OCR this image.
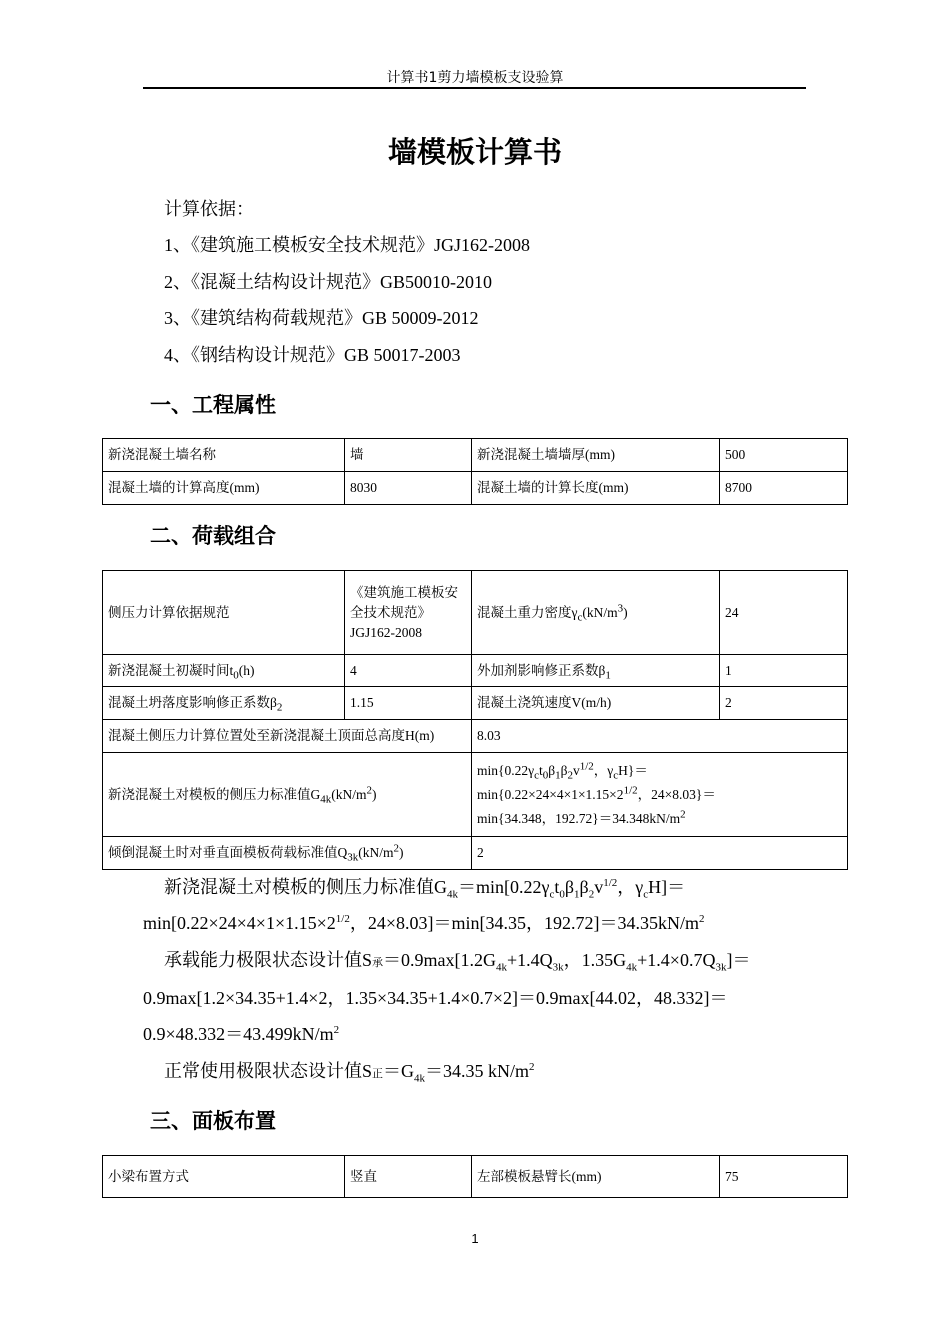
计算书1剪力墙模板支设验算
墙模板计算书
计算依据：
1、《建筑施工模板安全技术规范》JGJ162-2008
2、《混凝土结构设计规范》GB50010-2010
3、《建筑结构荷载规范》GB 50009-2012
4、《钢结构设计规范》GB 50017-2003
一、工程属性
新浇混凝土墙名称	墙	新浇混凝土墙墙厚(mm)	500
混凝土墙的计算高度(mm)	8030	混凝土墙的计算长度(mm)	8700
二、荷载组合
侧压力计算依据规范	《建筑施工模板安全技术规范》JGJ162-2008	混凝土重力密度$\gamma_c(kN/m^3)$	24
新浇混凝土初凝时间$t_0(h)$	4	外加剂影响修正系数$\beta_1$	1
混凝土坍落度影响修正系数$\beta_2$	1.15	混凝土浇筑速度V(m/h)	2
混凝土侧压力计算位置处至新浇混凝土顶面总高度H(m)		8.03	
新浇混凝土对模板的侧压力标准值$G_{4k}(kN/m^2)$		$\min\{0.22\gamma_ct_0\beta_1\beta_2v^{1/2}$，$\gamma_cH\}=$
$\min\{0.22\times 24\times 4\times 1\times 1.15\times 2^{1/2}$，24×8.03}＝
min{34.348，$192.72\}=34.348kN/m^2$
倾倒混凝土时对垂直面模板荷载标准值$Q_{3k}(kN/m^2)$		2	
新浇混凝土对模板的侧压力标准值$G_{4k}=\min[0.22\gamma_ct_0\beta_1\beta_2v^{1/2}$，$\gamma_cH]=$
$\min[0.22\times 24\times 4\times 1\times 1.15\times 2^{1/2}$，24×8.03]＝min[34.35，$192.72]=34.35kN/m^2$
承载能力极限状态设计值S承$=0.9\max[1.2G_{4k}+1.4Q_{3k}$，$1.35G_{4k}+1.4\times 0.7Q_{3k}]=$
0.9max[1.2×34.35+1.4×2，1.35×34.35+1.4×0.7×2]＝0.9max[44.02，48.332]＝
$0.9\times 48.332=43.499kN/m^2$
正常使用极限状态设计值S正$=G_{4k}=34.35$ $kN/m^2$
三、面板布置
小梁布置方式	竖直	左部模板悬臂长(mm)	75
1
